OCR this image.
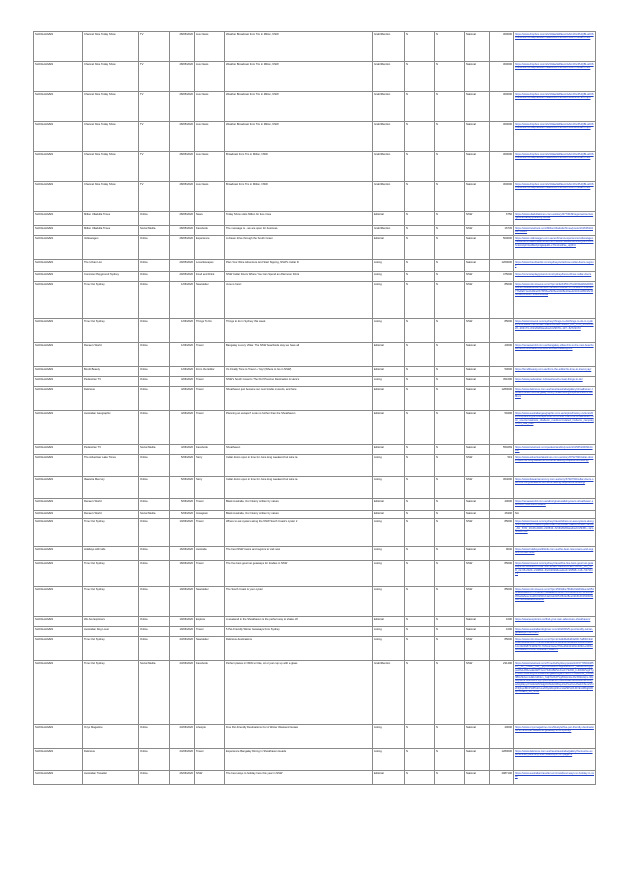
SHOALHAVEN	Channel Nine Today Show	TV	28/05/2020	Live News	Weather Broadcast from Tim in Milton, NSW	Grab/Mention	N	N	National	300000	https://www.dropbox.com/sh/4l1lae9idfkero/AAC4XsrPHQBt-aF0SC3o8vVa?dl=0&preview=Video+28-5-20%2C+8+17+31am.mov
SHOALHAVEN	Channel Nine Today Show	TV	28/05/2020	Live News	Weather Broadcast from Tim in Milton, NSW	Grab/Mention	N	N	National	300000	https://www.dropbox.com/sh/4l1lae9idfkero/AAC4XsrPHQBt-aF0SC3o8vVa?dl=0&preview=Video+28-5-20%2C+8+17+49am.mov
SHOALHAVEN	Channel Nine Today Show	TV	28/05/2020	Live News	Weather Broadcast from Tim in Milton, NSW	Grab/Mention	N	N	National	300000	https://www.dropbox.com/sh/4l1lae9idfkero/AAC4XsrPHQBt-aF0SC3o8vVa?dl=0&preview=Video+28-5-20%2C+8+21+17am.mp4
SHOALHAVEN	Channel Nine Today Show	TV	28/05/2020	Live News	Weather Broadcast from Tim in Milton, NSW	Grab/Mention	N	N	National	300000	https://www.dropbox.com/sh/4l1lae9idfkero/AAC4XsrPHQBt-aF0SC3o8vVa?dl=0&preview=Video+28-5-20%2C+8+46+04am.mp4
SHOALHAVEN	Channel Nine Today Show	TV	28/05/2020	Live News	Broadcast from Tim in Milton, NSW	Grab/Mention	N	N	National	300000	https://www.dropbox.com/sh/4l1lae9idfkero/AAC4XsrPHQBt-aF0SC3o8vVa?dl=0&preview=Video+28-5-20%2C+8+49+53am.mov
SHOALHAVEN	Channel Nine Today Show	TV	28/05/2020	Live News	Broadcast from Tim in Milton, NSW	Grab/Mention	N	N	National	300000	https://www.dropbox.com/sh/4l1lae9idfkero/AAC4XsrPHQBt-aF0SC3o8vVa?dl=0&preview=Video+28-5-20%2C+8+57+39am.mov
SHOALHAVEN	Milton Ulladulla Times	Online	28/05/2020	News	Today Show visits Milton for live cross	Editorial	N	N	NSW	6750	https://www.ulladullatimes.com.au/story/6773049/regional-tourism-gets-a-handy-publicity-boost/
SHOALHAVEN	Milton Ulladulla Times	Social Media	28/05/2020	Facebook	The message is - we are open for business.	Grab/Mention	N	N	NSW	16745	https://www.facebook.com/MiltonUlladullaTimes/posts/10163633499700026
SHOALHAVEN	Volkswagen	Online	28/05/2020	Experience	A dream drive through the South Coast	Editorial	N	N	National	500000	https://www.volkswagen.com.au/en/brand-experience/volkswagen-newsroom/road-travel-drive.html?fbclid=IwAR2xW9rWQAPFcWSNnNG6j47dsd8l2Ajz3gEqkkD-sTfznfnH3Se_qQ6rU
SHOALHAVEN	The Urban List	Online	29/05/2020	Local Escapes	Plan Your Wine Adventure And Start Sipping, NSW's Cellar D	Listing	N	N	National	1260000	https://www.theurbanlist.com/sydney/a-list/nsw-cellar-doors-regions
SHOALHAVEN	Concrete Playground Sydney	Online	29/05/2020	Food and Drink	NSW Cellar Doors Where You Can Spend an Afternoon Drink	Listing	N	N	NSW	475000	https://concreteplayground.com/sydney/best-of/nsw-cellar-doors
SHOALHAVEN	Time Out Sydney	Online	1/06/2020	Newsletter	June is here!	Listing	N	N	NSW	85000	https://www.info.timeout.com/?qs=dc3e54f511f7c2d0f4a9b6a5001062967c2dd400fd37da7e0978b8d26558f6e767c5c9cdf57c1e32077bdfaf71a1b4bbe0b7f555ee5bf6ed1028e16aed21bb1195196c0f5dbac0cf021f72b2cc0df69a
SHOALHAVEN	Time Out Sydney	Online	1/06/2020	Things To Do	Things to do in Sydney this week	Listing	N	N	NSW	85000	https://www.timeout.com/sydney/things-to-do/things-to-do-in-sydney-this-week?cid=email--DEDICATED--APAC_AU_SYD_01-06-2020--204173--6/1/2020&sodoub=29679--137--52722173
SHOALHAVEN	Renae's World	Online	1/06/2020	Travel	Bangalay Luxury Villas: The NSW beachside stay we have all	Editorial	N	N	National	40000	https://renaesworld.com.au/bangalay-villas-this-is-the-nsw-beachside-accommodation-so-luxe-its-been-waiting-for/
SHOALHAVEN	Bondi Beauty	Online	1/06/2020	From the Editor	It's Finally Time to Travel + Yay! (Where to Go in NSW)	Editorial	N	N	National	50000	https://bondibeauty.com.au/from-the-editor/its-time-to-travel-yay/
SHOALHAVEN	Pedestrian TV	Online	4/06/2020	Travel	NSW's South Coast Is The Perf Post-Iso Destination & Here's	Listing	N	N	National	451696	https://www.pedestrian.tv/travel/south-coast-things-to-do/
SHOALHAVEN	Delicious	Online	4/06/2020	Travel	Shoalhaven just became our next foodie must-do, and here	Editorial	N	N	National	1280000	https://www.delicious.com.au/travel/australia/gallery/shoalhaven-foodie-bucket-list-bangalay-luxury-villas-dining-experiences/inr5sb8bc3
SHOALHAVEN	Australian Geographic	Online	4/06/2020	Travel	Planning an escape? Look no further than the Shoalhaven	Editorial	N	N	National	59496	https://www.australiangeographic.com.au/topics/history-culture/2020/06/planning-an-escape-look-no-further-than-the-shoalhaven/?utm_source=website_clia&utm_medium=related_inv&utm_campaign=cnt_clia_lnks
SHOALHAVEN	Pedestrian TV	Social Media	4/06/2020	Facebook	Shoalhaven	Editorial	N	N	National	550269	https://www.facebook.com/pedestrianditv/posts/10156510603124417
SHOALHAVEN	The Advertiser Lake Times	Online	5/06/2020	Story	Cellar doors open in time for June long weekend but wine ta	Listing	N	N	NSW	519	https://www.advertiserlaketimes.com.au/story/6792790/cellar-doors-open-for-long-weekend-but-wine-tasting-requires-a-booking/
SHOALHAVEN	Illawarra Mercury	Online	5/06/2020	Story	Cellar doors open in time for June long weekend but wine ta	Listing	N	N	NSW	364000	https://www.illawarramercury.com.au/story/6792790/cellar-doors-open-for-long-weekend-but-wine-tasting-requires-a-booking/
SHOALHAVEN	Renae's World	Online	5/06/2020	Travel	Black Australia, Our history written by nature	Editorial	N	N	National	40000	https://renaesworld.com.au/aboriginal-walking-tours-shoalhaven-southern-nsw-south-wales/
SHOALHAVEN	Renae's World	Social Media	5/06/2020	Instagram	Black Australia, Our history written by nature	Editorial	N	N	National	46300	NA
SHOALHAVEN	Time Out Sydney	Online	10/06/2020	Travel	Where to eat oysters along the NSW South Coast's oyster tr	Listing	N	N	NSW	85000	https://www.timeout.com/sydney/travel/where-to-eat-oysters-along-the-nsw-south-coasts-oyster-trail?cid=email--DEDICATED--APAC_AU_SYD_16-06-2020--210544--6/16/2020&sodoub=29451--121--44047611
SHOALHAVEN	Holidays with kids	Online	16/06/2020	Australia	The best NSW towns and regions to visit now	Listing	N	N	National	9040	https://www.holidayswithkids.com.au/the-best-nsw-towns-and-regions-to-visit-now/
SHOALHAVEN	Time Out Sydney	Online	18/06/2020	Travel	The five best gourmet getaways for foodies in NSW	Listing	N	N	NSW	85000	https://www.timeout.com/sydney/travel/the-five-best-gourmet-getaways-for-foodies-in-nsw?cid=email--DEDICATED--APAC_AU_SYD_22-06-2020--210894--6/22/2020&sodoub=29598--116--52711173
SHOALHAVEN	Time Out Sydney	Online	19/06/2020	Newsletter	The South Coast is your oyster	Listing	N	N	NSW	85000	https://www.info.timeout.com/?qs=2549dbe7f6d0c0a9490ee1e5546cad4d9ac20f7c51e2eb73eaaaeb64366672f0f21eb15ff7419fc1af05ba0a5eec1a28c0260104a1bebb051f6d128ee02b6b4b0600b8a6437e6f4a9ea00fd0f89b
SHOALHAVEN	We Are Explorers	Online	19/06/2020	Explore	A weekend in the Shoalhaven is the perfect way to shake off	Editorial	N	N	National	1000	https://weareexplorers.co/find-your-own-adventure-shoalhaven/
SHOALHAVEN	Australian Dog Lover	Online	19/06/2020	Travel	5 Pet-Friendly Winter Getaways from Sydney	Listing	N	N	National	1000	https://www.australiandoglover.com/2020/06/5-pet-friendly-winter-getaways-from.html
SHOALHAVEN	Time Out Sydney	Online	23/06/2020	Newsletter	Delicious destinations	Listing	N	N	NSW	85000	https://www.info.timeout.com/?qs=2c1a9d6a5dd3a6617a80b19dc18a0f6eea9100c7fbe46c2fa8d22163d2a32f4e9a0d29940fc68d1cb1c49c6687646997017bf9cdc0a4e7f6bed9d4210bb4b8b1e36f4e0065ea40f7c5b3754348dc73ba4f72
SHOALHAVEN	Time Out Sydney	Social Media	23/06/2020	Facebook	Perfect places in NSW to hike, sit or just cup up with a glass	Grab/Mention	N	N	NSW	231490	https://www.facebook.com/TimeOutSydney/posts/10157795944850?__tn__=-R&__xts__[0]=68.ARBTPHgzD3oVmT_N224rOsYgQIpeWwHXBvaoEAWPYeAY5JDvBRVLIfnoFY9s5R_b-6WKRVgFTg07Rw7XcBLt0Q91SNAeMSKgaeZAQan07EUYUYAo8Obr_CnrH4hBUZkdvxmHEU1dbfen_SqFSvfb47Vgf6tGtmbeJbcb5Ze0qm-IRp3BpBhdrWdtv0ecPHy7qtxvzdbaFHTb3B8JBIErGDtDo6aYeN54Qa22gRkpyOVH4rkMVkdgO0XHkCRhsjuOuPcwXvsJhwhXSmsS7c2NQkpnBhrPHPhoDxLw6Ny3dApIIthxcHsZ9Ps0hJ0VEU4Bqj02Rcp7D3ErB_0s_-vCR
SHOALHAVEN	Onyx Magazine	Online	23/06/2020	Lifestyle	Five Pet-Friendly Destinations For A Winter Weekend Getaw	Listing	N	N	National	40000	https://www.onyxmagazine.com/lifestyle/five-pet-friendly-destinations-for-a-winter-weekend-getaway-from-sydney/
SHOALHAVEN	Delicious	Online	24/06/2020	Travel	Experience Bangalay Dining in Shoalhaven Heads	Listing	N	N	National	1280000	https://www.delicious.com.au/travel/australia/gallery/food-wine-experiences-youll-only-find-nsw/dt5px7ne?page=3
SHOALHAVEN	Australian Traveller	Online	26/06/2020	NSW	The best ways to holiday here this year in NSW	Editorial	N	N	National	4987100	https://www.australiantraveller.com/nsw/best-ways-to-holiday-in-nsw/
